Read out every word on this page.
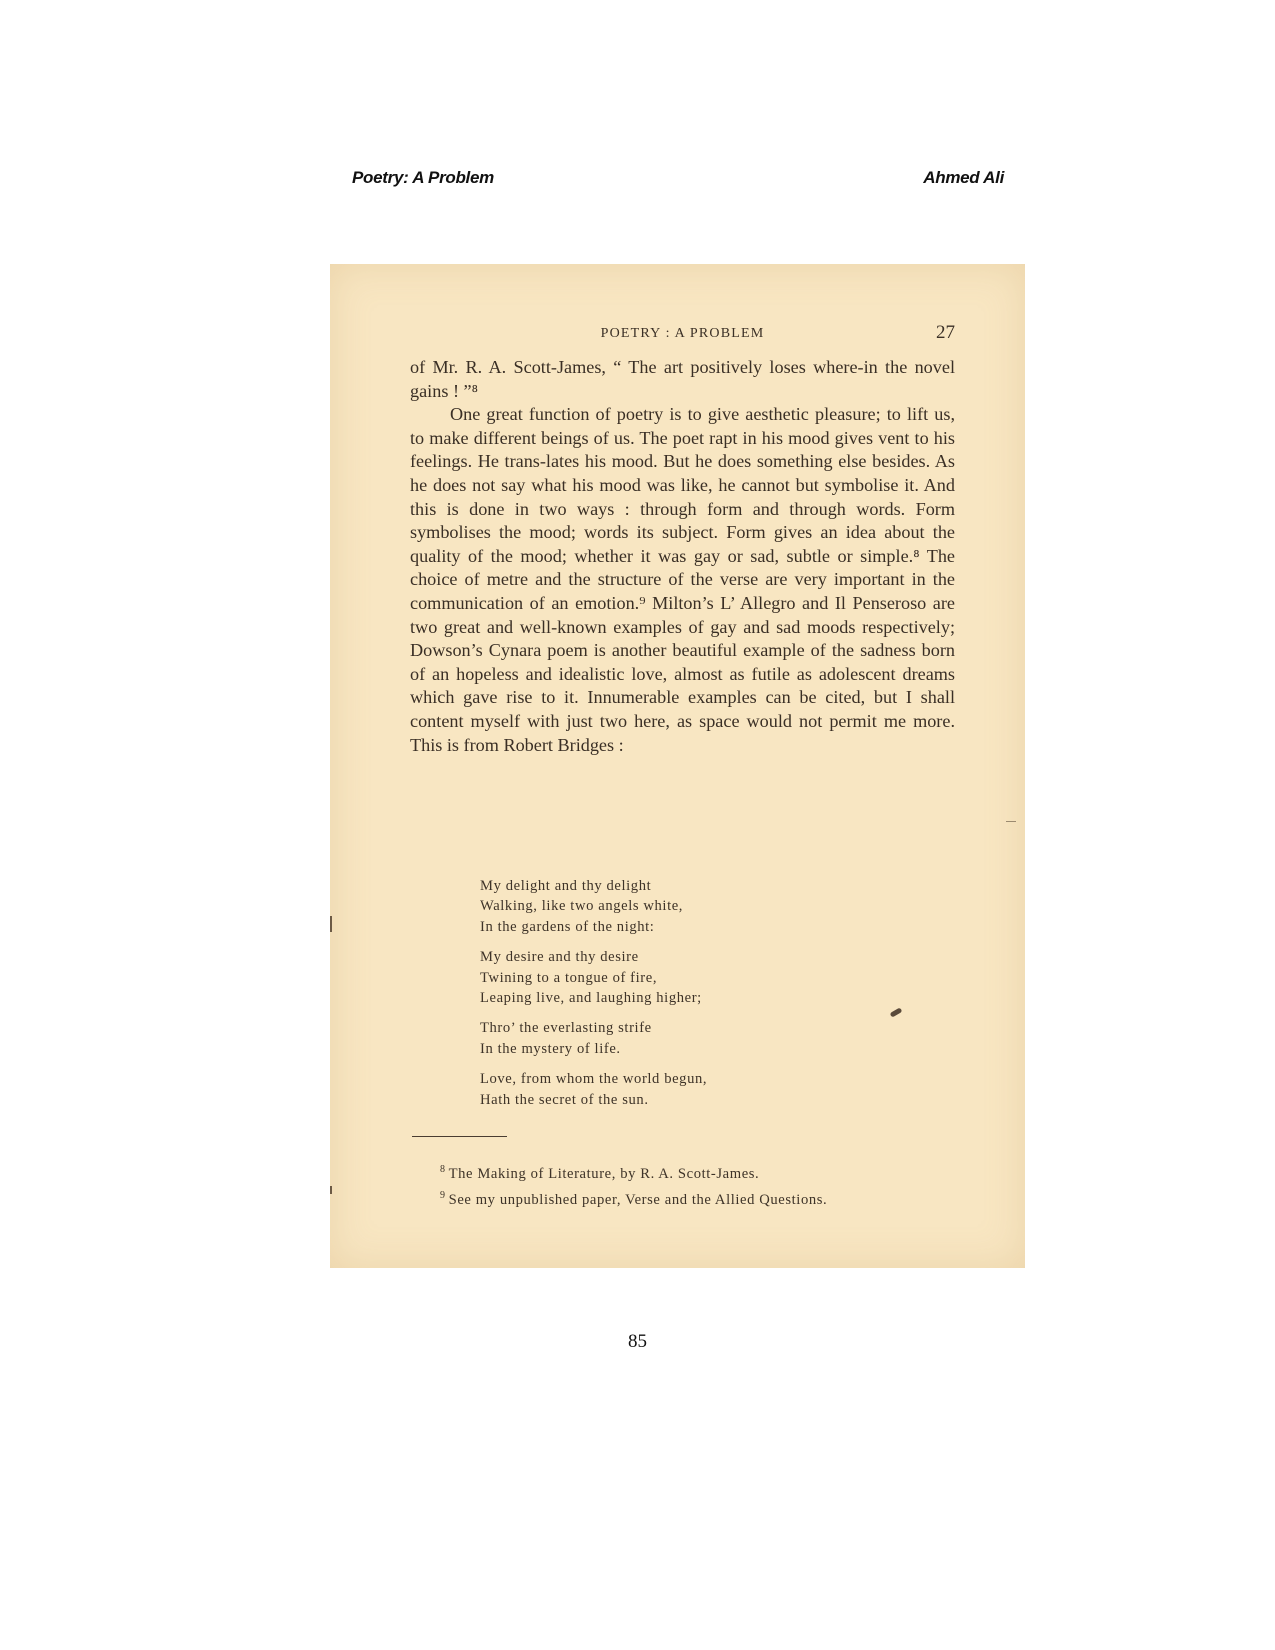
Poetry: A Problem	Ahmed Ali
POETRY : A PROBLEM	27

of Mr. R. A. Scott-James, “ The art positively loses where-in the novel gains ! ”⁸

One great function of poetry is to give aesthetic pleasure; to lift us, to make different beings of us. The poet rapt in his mood gives vent to his feelings. He trans-lates his mood. But he does something else besides. As he does not say what his mood was like, he cannot but symbolise it. And this is done in two ways : through form and through words. Form symbolises the mood; words its subject. Form gives an idea about the quality of the mood; whether it was gay or sad, subtle or simple.⁸ The choice of metre and the structure of the verse are very important in the communication of an emotion.⁹ Milton’s L’ Allegro and Il Penseroso are two great and well-known examples of gay and sad moods respectively; Dowson’s Cynara poem is another beautiful example of the sadness born of an hopeless and idealistic love, almost as futile as adolescent dreams which gave rise to it. Innumerable examples can be cited, but I shall content myself with just two here, as space would not permit me more. This is from Robert Bridges :

My delight and thy delight
Walking, like two angels white,
In the gardens of the night:
My desire and thy desire
Twining to a tongue of fire,
Leaping live, and laughing higher;
Thro’ the everlasting strife
In the mystery of life.
Love, from whom the world begun,
Hath the secret of the sun.
$^8$ The Making of Literature, by R. A. Scott-James.
$^9$ See my unpublished paper, Verse and the Allied Questions.
85
